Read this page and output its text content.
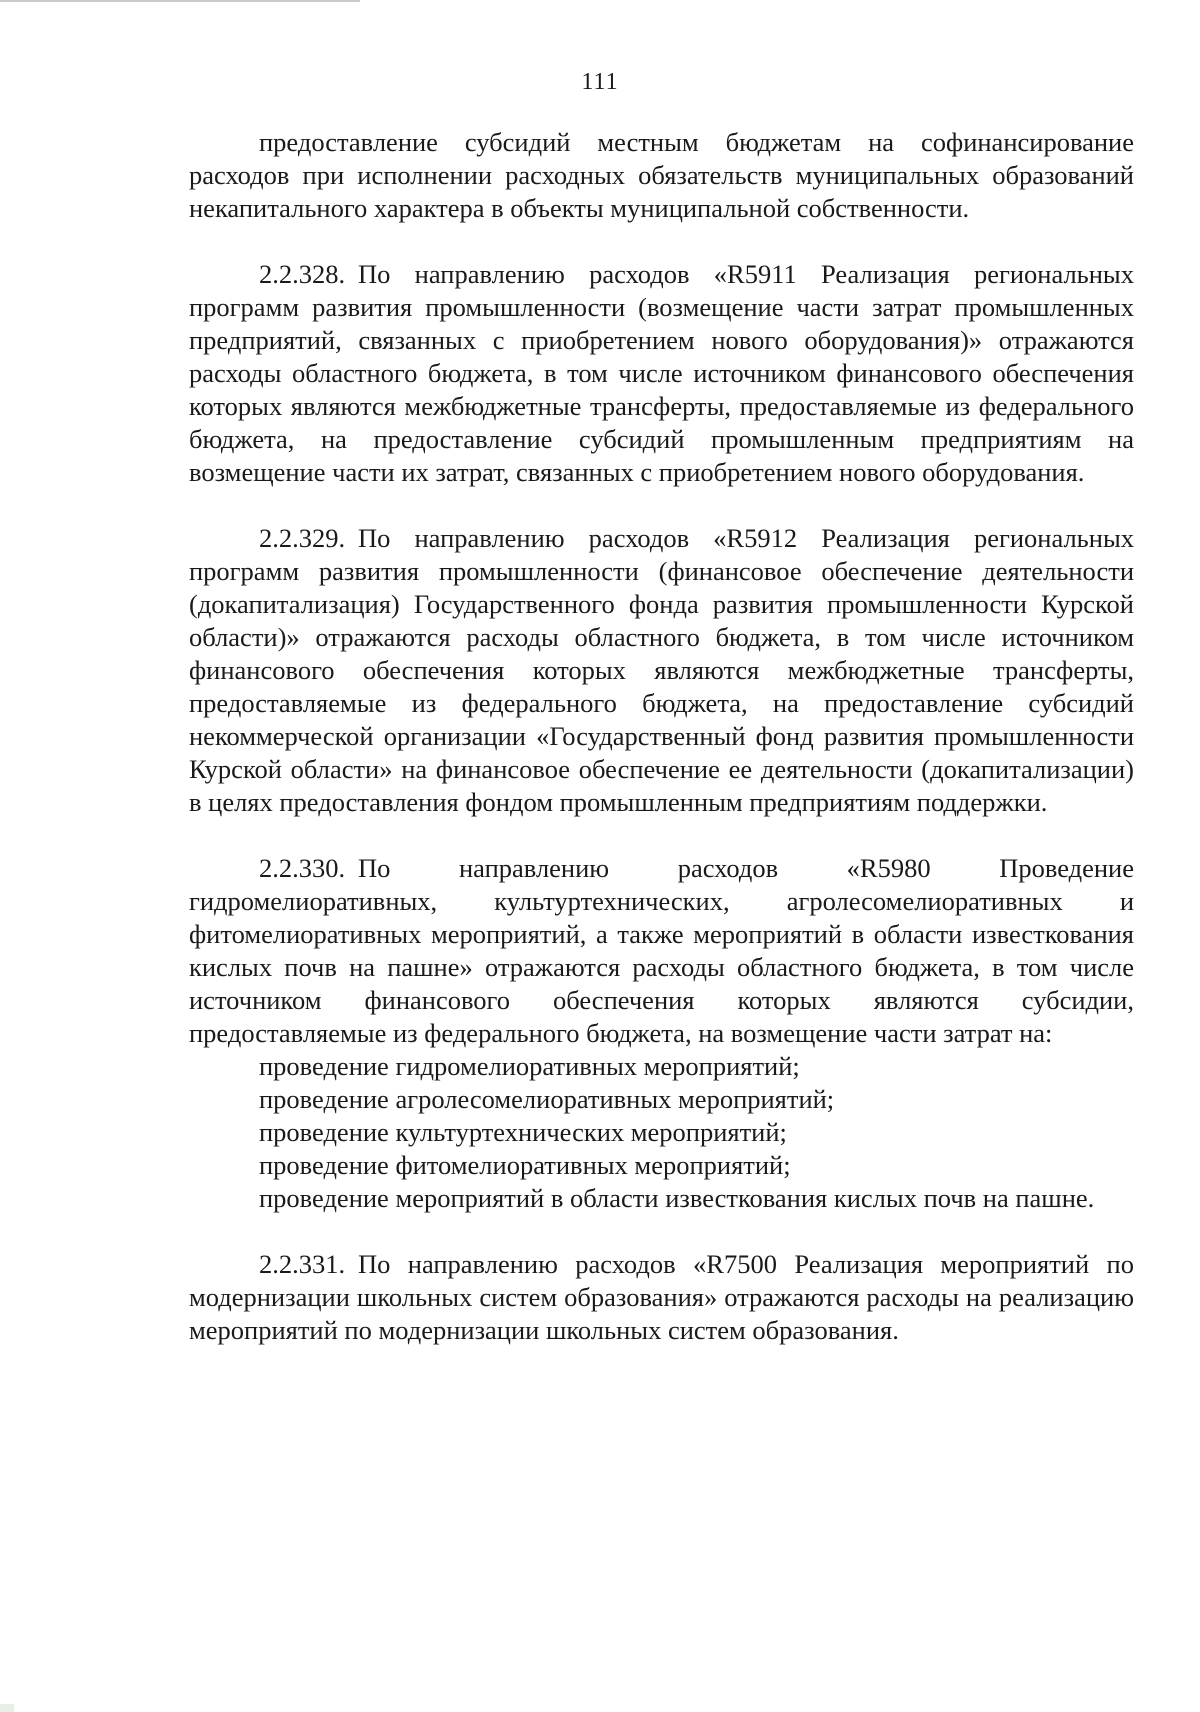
111

предоставление субсидий местным бюджетам на софинансирование расходов при исполнении расходных обязательств муниципальных образований некапитального характера в объекты муниципальной собственности.

2.2.328. По направлению расходов «R5911 Реализация региональных программ развития промышленности (возмещение части затрат промышленных предприятий, связанных с приобретением нового оборудования)» отражаются расходы областного бюджета, в том числе источником финансового обеспечения которых являются межбюджетные трансферты, предоставляемые из федерального бюджета, на предоставление субсидий промышленным предприятиям на возмещение части их затрат, связанных с приобретением нового оборудования.

2.2.329. По направлению расходов «R5912 Реализация региональных программ развития промышленности (финансовое обеспечение деятельности (докапитализация) Государственного фонда развития промышленности Курской области)» отражаются расходы областного бюджета, в том числе источником финансового обеспечения которых являются межбюджетные трансферты, предоставляемые из федерального бюджета, на предоставление субсидий некоммерческой организации «Государственный фонд развития промышленности Курской области» на финансовое обеспечение ее деятельности (докапитализации) в целях предоставления фондом промышленным предприятиям поддержки.

2.2.330. По направлению расходов «R5980 Проведение гидромелиоративных, культуртехнических, агролесомелиоративных и фитомелиоративных мероприятий, а также мероприятий в области известкования кислых почв на пашне» отражаются расходы областного бюджета, в том числе источником финансового обеспечения которых являются субсидии, предоставляемые из федерального бюджета, на возмещение части затрат на:

проведение гидромелиоративных мероприятий;

проведение агролесомелиоративных мероприятий;

проведение культуртехнических мероприятий;

проведение фитомелиоративных мероприятий;

проведение мероприятий в области известкования кислых почв на пашне.

2.2.331. По направлению расходов «R7500 Реализация мероприятий по модернизации школьных систем образования» отражаются расходы на реализацию мероприятий по модернизации школьных систем образования.
